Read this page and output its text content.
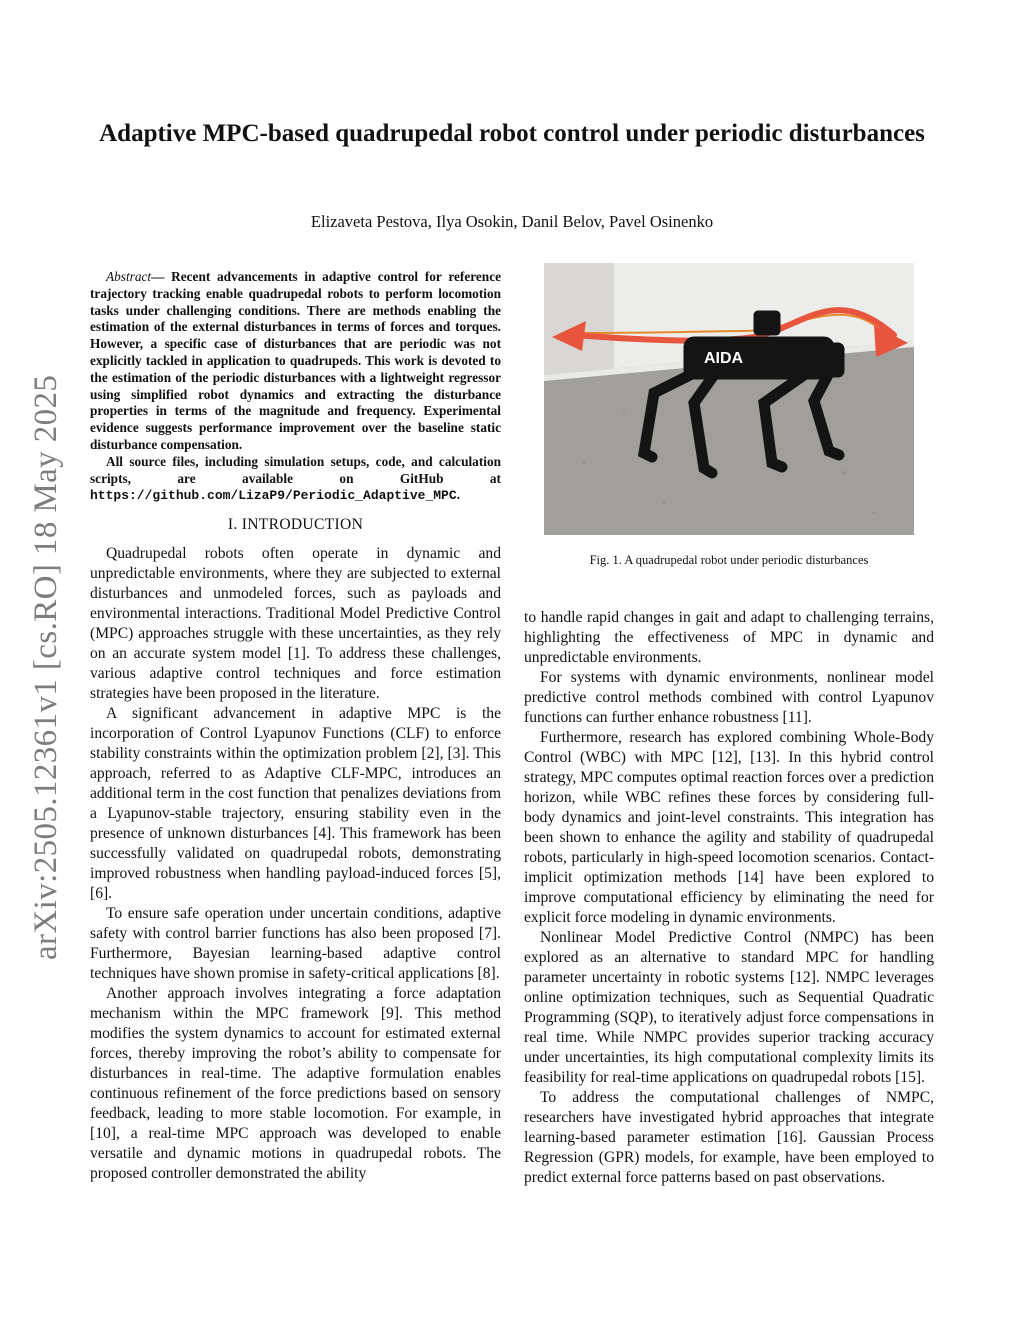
arXiv:2505.12361v1 [cs.RO] 18 May 2025
Adaptive MPC-based quadrupedal robot control under periodic disturbances
Elizaveta Pestova, Ilya Osokin, Danil Belov, Pavel Osinenko

Abstract— Recent advancements in adaptive control for reference trajectory tracking enable quadrupedal robots to perform locomotion tasks under challenging conditions. There are methods enabling the estimation of the external disturbances in terms of forces and torques. However, a specific case of disturbances that are periodic was not explicitly tackled in application to quadrupeds. This work is devoted to the estimation of the periodic disturbances with a lightweight regressor using simplified robot dynamics and extracting the disturbance properties in terms of the magnitude and frequency. Experimental evidence suggests performance improvement over the baseline static disturbance compensation.

All source files, including simulation setups, code, and calculation scripts, are available on GitHub at https://github.com/LizaP9/Periodic_Adaptive_MPC.

I. INTRODUCTION

Quadrupedal robots often operate in dynamic and unpredictable environments, where they are subjected to external disturbances and unmodeled forces, such as payloads and environmental interactions. Traditional Model Predictive Control (MPC) approaches struggle with these uncertainties, as they rely on an accurate system model [1]. To address these challenges, various adaptive control techniques and force estimation strategies have been proposed in the literature.

A significant advancement in adaptive MPC is the incorporation of Control Lyapunov Functions (CLF) to enforce stability constraints within the optimization problem [2], [3]. This approach, referred to as Adaptive CLF-MPC, introduces an additional term in the cost function that penalizes deviations from a Lyapunov-stable trajectory, ensuring stability even in the presence of unknown disturbances [4]. This framework has been successfully validated on quadrupedal robots, demonstrating improved robustness when handling payload-induced forces [5], [6].

To ensure safe operation under uncertain conditions, adaptive safety with control barrier functions has also been proposed [7]. Furthermore, Bayesian learning-based adaptive control techniques have shown promise in safety-critical applications [8].

Another approach involves integrating a force adaptation mechanism within the MPC framework [9]. This method modifies the system dynamics to account for estimated external forces, thereby improving the robot’s ability to compensate for disturbances in real-time. The adaptive formulation enables continuous refinement of the force predictions based on sensory feedback, leading to more stable locomotion. For example, in [10], a real-time MPC approach was developed to enable versatile and dynamic motions in quadrupedal robots. The proposed controller demonstrated the ability

AIDA
Fig. 1. A quadrupedal robot under periodic disturbances

to handle rapid changes in gait and adapt to challenging terrains, highlighting the effectiveness of MPC in dynamic and unpredictable environments.

For systems with dynamic environments, nonlinear model predictive control methods combined with control Lyapunov functions can further enhance robustness [11].

Furthermore, research has explored combining Whole-Body Control (WBC) with MPC [12], [13]. In this hybrid control strategy, MPC computes optimal reaction forces over a prediction horizon, while WBC refines these forces by considering full-body dynamics and joint-level constraints. This integration has been shown to enhance the agility and stability of quadrupedal robots, particularly in high-speed locomotion scenarios. Contact-implicit optimization methods [14] have been explored to improve computational efficiency by eliminating the need for explicit force modeling in dynamic environments.

Nonlinear Model Predictive Control (NMPC) has been explored as an alternative to standard MPC for handling parameter uncertainty in robotic systems [12]. NMPC leverages online optimization techniques, such as Sequential Quadratic Programming (SQP), to iteratively adjust force compensations in real time. While NMPC provides superior tracking accuracy under uncertainties, its high computational complexity limits its feasibility for real-time applications on quadrupedal robots [15].

To address the computational challenges of NMPC, researchers have investigated hybrid approaches that integrate learning-based parameter estimation [16]. Gaussian Process Regression (GPR) models, for example, have been employed to predict external force patterns based on past observations.
